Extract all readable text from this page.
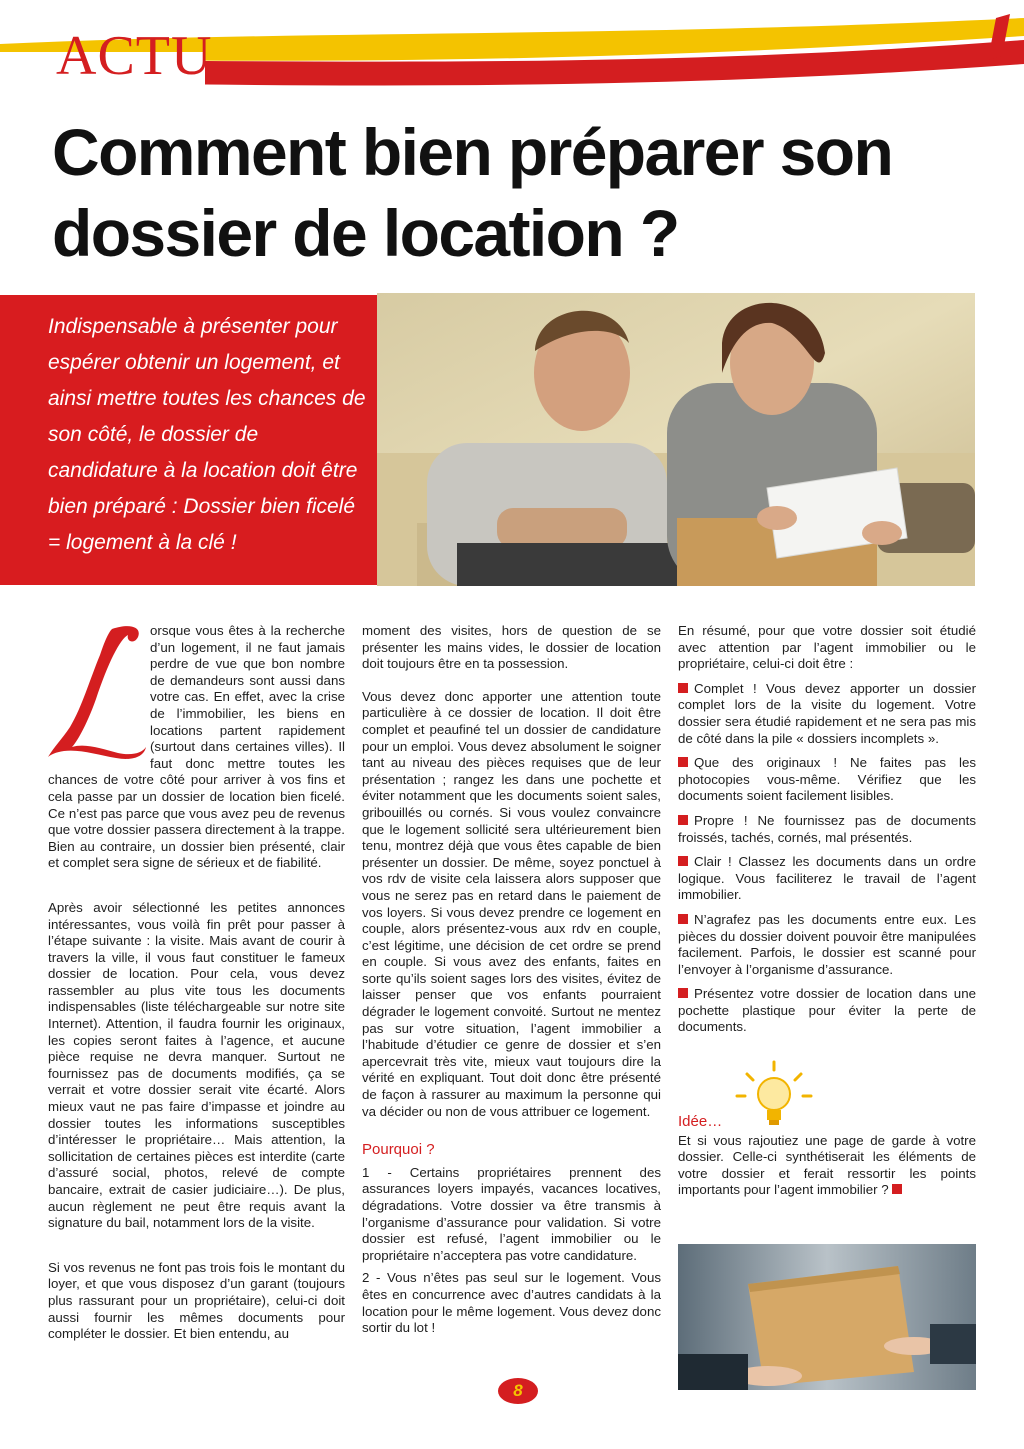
ACTU
Comment bien préparer son dossier de location ?
Indispensable à présenter pour espérer obtenir un logement, et ainsi mettre toutes les chances de son côté, le dossier de candidature à la location doit être bien préparé : Dossier bien ficelé = logement à la clé !

orsque vous êtes à la recherche d’un logement, il ne faut jamais perdre de vue que bon nombre de demandeurs sont aussi dans votre cas. En effet, avec la crise de l’immobilier, les biens en locations partent rapidement (surtout dans certaines villes). Il faut donc mettre toutes les chances de votre côté pour arriver à vos fins et cela passe par un dossier de location bien ficelé. Ce n’est pas parce que vous avez peu de revenus que votre dossier passera directement à la trappe. Bien au contraire, un dossier bien présenté, clair et complet sera signe de sérieux et de fiabilité.

Après avoir sélectionné les petites annonces intéressantes, vous voilà fin prêt pour passer à l’étape suivante : la visite. Mais avant de courir à travers la ville, il vous faut constituer le fameux dossier de location. Pour cela, vous devez rassembler au plus vite tous les documents indispensables (liste téléchargeable sur notre site Internet). Attention, il faudra fournir les originaux, les copies seront faites à l’agence, et aucune pièce requise ne devra manquer. Surtout ne fournissez pas de documents modifiés, ça se verrait et votre dossier serait vite écarté. Alors mieux vaut ne pas faire d’impasse et joindre au dossier toutes les informations susceptibles d’intéresser le propriétaire… Mais attention, la sollicitation de certaines pièces est interdite (carte d’assuré social, photos, relevé de compte bancaire, extrait de casier judiciaire…). De plus, aucun règlement ne peut être requis avant la signature du bail, notamment lors de la visite.

Si vos revenus ne font pas trois fois le montant du loyer, et que vous disposez d’un garant (toujours plus rassurant pour un propriétaire), celui-ci doit aussi fournir les mêmes documents pour compléter le dossier. Et bien entendu, au

moment des visites, hors de question de se présenter les mains vides, le dossier de location doit toujours être en ta possession.

Vous devez donc apporter une attention toute particulière à ce dossier de location. Il doit être complet et peaufiné tel un dossier de candidature pour un emploi. Vous devez absolument le soigner tant au niveau des pièces requises que de leur présentation ; rangez les dans une pochette et éviter notamment que les documents soient sales, gribouillés ou cornés. Si vous voulez convaincre que le logement sollicité sera ultérieurement bien tenu, montrez déjà que vous êtes capable de bien présenter un dossier. De même, soyez ponctuel à vos rdv de visite cela laissera alors supposer que vous ne serez pas en retard dans le paiement de vos loyers. Si vous devez prendre ce logement en couple, alors présentez-vous aux rdv en couple, c’est légitime, une décision de cet ordre se prend en couple. Si vous avez des enfants, faites en sorte qu’ils soient sages lors des visites, évitez de laisser penser que vos enfants pourraient dégrader le logement convoité. Surtout ne mentez pas sur votre situation, l’agent immobilier a l’habitude d’étudier ce genre de dossier et s’en apercevrait très vite, mieux vaut toujours dire la vérité en expliquant. Tout doit donc être présenté de façon à rassurer au maximum la personne qui va décider ou non de vous attribuer ce logement.

Pourquoi ?

1 - Certains propriétaires prennent des assurances loyers impayés, vacances locatives, dégradations. Votre dossier va être transmis à l’organisme d’assurance pour validation. Si votre dossier est refusé, l’agent immobilier ou le propriétaire n’acceptera pas votre candidature.

2 - Vous n’êtes pas seul sur le logement. Vous êtes en concurrence avec d’autres candidats à la location pour le même logement. Vous devez donc sortir du lot !

En résumé, pour que votre dossier soit étudié avec attention par l’agent immobilier ou le propriétaire, celui-ci doit être :

Complet ! Vous devez apporter un dossier complet lors de la visite du logement. Votre dossier sera étudié rapidement et ne sera pas mis de côté dans la pile « dossiers incomplets ».

Que des originaux ! Ne faites pas les photocopies vous-même. Vérifiez que les documents soient facilement lisibles.

Propre ! Ne fournissez pas de documents froissés, tachés, cornés, mal présentés.

Clair ! Classez les documents dans un ordre logique. Vous faciliterez le travail de l’agent immobilier.

N’agrafez pas les documents entre eux. Les pièces du dossier doivent pouvoir être manipulées facilement. Parfois, le dossier est scanné pour l’envoyer à l’organisme d’assurance.

Présentez votre dossier de location dans une pochette plastique pour éviter la perte de documents.

Idée…

Et si vous rajoutiez une page de garde à votre dossier. Celle-ci synthétiserait les éléments de votre dossier et ferait ressortir les points importants pour l’agent immobilier ?

8
